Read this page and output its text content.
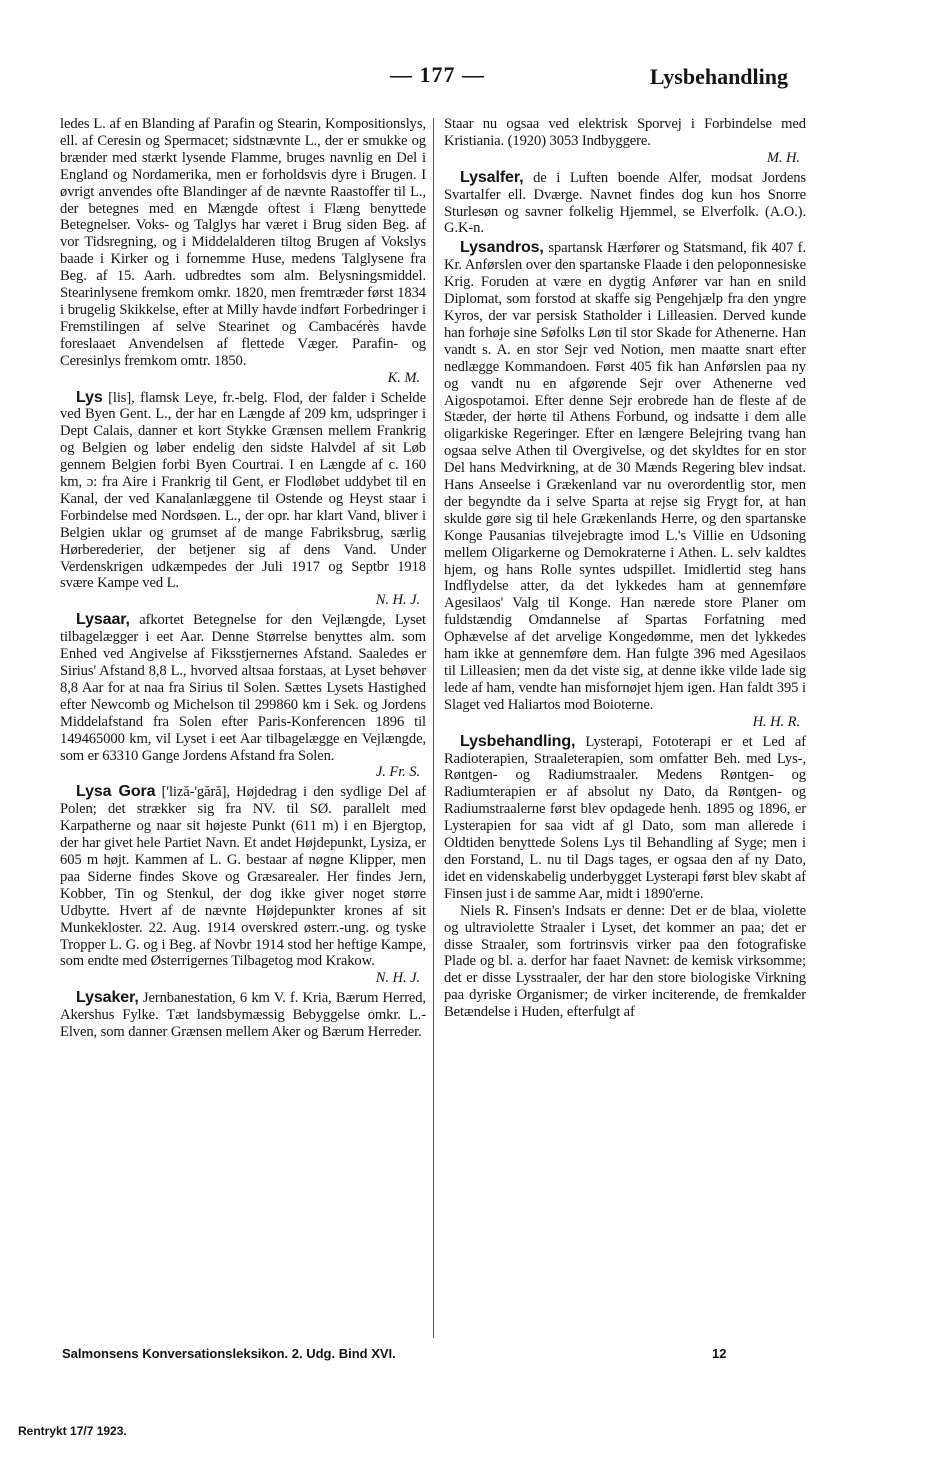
— 177 —	Lysbehandling

ledes L. af en Blanding af Parafin og Stearin, Kompositionslys, ell. af Ceresin og Spermacet; sidstnævnte L., der er smukke og brænder med stærkt lysende Flamme, bruges navnlig en Del i England og Nordamerika, men er forholdsvis dyre i Brugen. I øvrigt anvendes ofte Blandinger af de nævnte Raastoffer til L., der betegnes med en Mængde oftest i Flæng benyttede Betegnelser. Voks- og Talglys har været i Brug siden Beg. af vor Tidsregning, og i Middelalderen tiltog Brugen af Vokslys baade i Kirker og i fornemme Huse, medens Talglysene fra Beg. af 15. Aarh. udbredtes som alm. Belysningsmiddel. Stearinlysene fremkom omkr. 1820, men fremtræder først 1834 i brugelig Skikkelse, efter at Milly havde indført Forbedringer i Fremstilingen af selve Stearinet og Cambacérès havde foreslaaet Anvendelsen af flettede Væger. Parafin- og Ceresinlys fremkom omtr. 1850.
K. M.

Lys [lis], flamsk Leye, fr.-belg. Flod, der falder i Schelde ved Byen Gent. L., der har en Længde af 209 km, udspringer i Dept Calais, danner et kort Stykke Grænsen mellem Frankrig og Belgien og løber endelig den sidste Halvdel af sit Løb gennem Belgien forbi Byen Courtrai. I en Længde af c. 160 km, ɔ: fra Aire i Frankrig til Gent, er Flodløbet uddybet til en Kanal, der ved Kanalanlæggene til Ostende og Heyst staar i Forbindelse med Nordsøen. L., der opr. har klart Vand, bliver i Belgien uklar og grumset af de mange Fabriksbrug, særlig Hørberederier, der betjener sig af dens Vand. Under Verdenskrigen udkæmpedes der Juli 1917 og Septbr 1918 svære Kampe ved L.
N. H. J.

Lysaar, afkortet Betegnelse for den Vejlængde, Lyset tilbagelægger i eet Aar. Denne Størrelse benyttes alm. som Enhed ved Angivelse af Fiksstjernernes Afstand. Saaledes er Sirius' Afstand 8,8 L., hvorved altsaa forstaas, at Lyset behøver 8,8 Aar for at naa fra Sirius til Solen. Sættes Lysets Hastighed efter Newcomb og Michelson til 299860 km i Sek. og Jordens Middelafstand fra Solen efter Paris-Konferencen 1896 til 149465000 km, vil Lyset i eet Aar tilbagelægge en Vejlængde, som er 63310 Gange Jordens Afstand fra Solen.
J. Fr. S.

Lysa Gora ['liză-'gără], Højdedrag i den sydlige Del af Polen; det strækker sig fra NV. til SØ. parallelt med Karpatherne og naar sit højeste Punkt (611 m) i en Bjergtop, der har givet hele Partiet Navn. Et andet Højdepunkt, Lysiza, er 605 m højt. Kammen af L. G. bestaar af nøgne Klipper, men paa Siderne findes Skove og Græsarealer. Her findes Jern, Kobber, Tin og Stenkul, der dog ikke giver noget større Udbytte. Hvert af de nævnte Højdepunkter kronеs af sit Munkekloster. 22. Aug. 1914 overskred østerr.-ung. og tyske Tropper L. G. og i Beg. af Novbr 1914 stod her heftige Kampe, som endte med Østerrigernes Tilbagetog mod Krakow.
N. H. J.

Lysaker, Jernbanestation, 6 km V. f. Kria, Bærum Herred, Akershus Fylke. Tæt landsbymæssig Bebyggelse omkr. L.-Elven, som danner Grænsen mellem Aker og Bærum Herreder.

Staar nu ogsaa ved elektrisk Sporvej i Forbindelse med Kristiania. (1920) 3053 Indbyggere.
M. H.

Lysalfer, de i Luften boende Alfer, modsat Jordens Svartalfer ell. Dværge. Navnet findes dog kun hos Snorre Sturlesøn og savner folkelig Hjemmel, se Elverfolk. (A.O.). G.K-n.

Lysandros, spartansk Hærfører og Statsmand, fik 407 f. Kr. Anførslen over den spartanske Flaade i den peloponnesiske Krig. Foruden at være en dygtig Anfører var han en snild Diplomat, som forstod at skaffe sig Pengehjælp fra den yngre Kyros, der var persisk Statholder i Lilleasien. Derved kunde han forhøje sine Søfolks Løn til stor Skade for Athenerne. Han vandt s. A. en stor Sejr ved Notion, men maatte snart efter nedlægge Kommandoen. Først 405 fik han Anførslen paa ny og vandt nu en afgørende Sejr over Athenerne ved Aigospotamoi. Efter denne Sejr erobrede han de fleste af de Stæder, der hørte til Athens Forbund, og indsatte i dem alle oligarkiske Regeringer. Efter en længere Belejring tvang han ogsaa selve Athen til Overgivelse, og det skyldtes for en stor Del hans Medvirkning, at de 30 Mænds Regering blev indsat. Hans Anseelse i Grækenland var nu overordentlig stor, men der begyndte da i selve Sparta at rejse sig Frygt for, at han skulde gøre sig til hele Grækenlands Herre, og den spartanske Konge Pausanias tilvejebragte imod L.'s Villie en Udsoning mellem Oligarkerne og Demokraterne i Athen. L. selv kaldtes hjem, og hans Rolle syntes udspillet. Imidlertid steg hans Indflydelse atter, da det lykkedes ham at gennemføre Agesilaos' Valg til Konge. Han nærede store Planer om fuldstændig Omdannelse af Spartas Forfatning med Ophævelse af det arvelige Kongedømme, men det lykkedes ham ikke at gennemføre dem. Han fulgte 396 med Agesilaos til Lilleasien; men da det viste sig, at denne ikke vilde lade sig lede af ham, vendte han misfornøjet hjem igen. Han faldt 395 i Slaget ved Haliartos mod Boioterne.
H. H. R.

Lysbehandling, Lysterapi, Fototerapi er et Led af Radioterapien, Straaleterapien, som omfatter Beh. med Lys-, Røntgen- og Radiumstraaler. Medens Røntgen- og Radiumterapien er af absolut ny Dato, da Røntgen- og Radiumstraalerne først blev opdagede henh. 1895 og 1896, er Lysterapien for saa vidt af gl Dato, som man allerede i Oldtiden benyttede Solens Lys til Behandling af Syge; men i den Forstand, L. nu til Dags tages, er ogsaa den af ny Dato, idet en videnskabelig underbygget Lysterapi først blev skabt af Finsen just i de samme Aar, midt i 1890'erne.

Niels R. Finsen's Indsats er denne: Det er de blaa, violette og ultraviolette Straaler i Lyset, det kommer an paa; det er disse Straaler, som fortrinsvis virker paa den fotografiske Plade og bl. a. derfor har faaet Navnet: de kemisk virksomme; det er disse Lysstraaler, der har den store biologiske Virkning paa dyriske Organismer; de virker inciterende, de fremkalder Betændelse i Huden, efterfulgt af

Salmonsens Konversationsleksikon. 2. Udg. Bind XVI.	12
Rentrykt 17/7 1923.
